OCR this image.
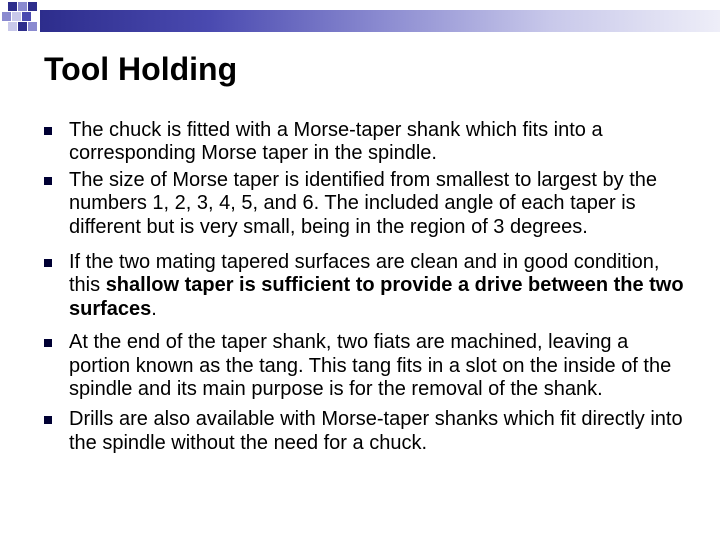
Tool Holding
The chuck is fitted with a Morse-taper shank which fits into a corresponding Morse taper in the spindle.
The size of Morse taper is identified from smallest to largest by the numbers 1, 2, 3, 4, 5, and 6. The included angle of each taper is different but is very small, being in the region of 3 degrees.
If the two mating tapered surfaces are clean and in good condition, this shallow taper is sufficient to provide a drive between the two surfaces.
At the end of the taper shank, two fiats are machined, leaving a portion known as the tang. This tang fits in a slot on the inside of the spindle and its main purpose is for the removal of the shank.
Drills are also available with Morse-taper shanks which fit directly into the spindle without the need for a chuck.
